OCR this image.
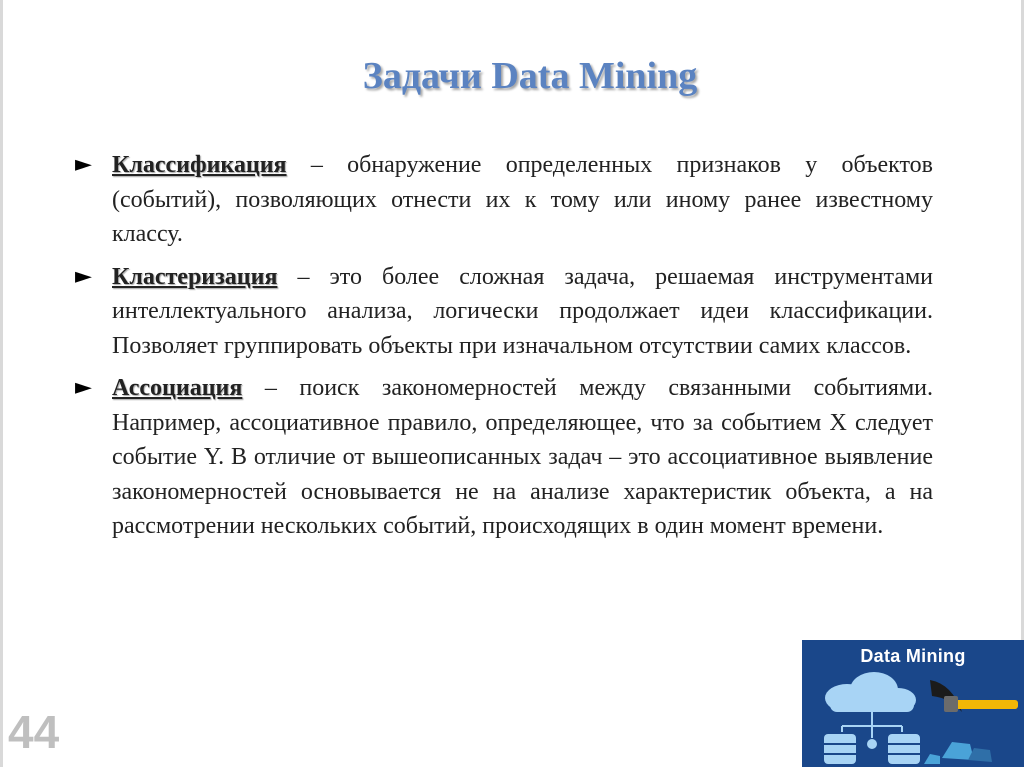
Задачи Data Mining
► Классификация – обнаружение определенных признаков у объектов (событий), позволяющих отнести их к тому или иному ранее известному классу.
► Кластеризация – это более сложная задача, решаемая инструментами интеллектуального анализа, логически продолжает идеи классификации. Позволяет группировать объекты при изначальном отсутствии самих классов.
► Ассоциация – поиск закономерностей между связанными событиями. Например, ассоциативное правило, определяющее, что за событием X следует событие Y. В отличие от вышеописанных задач – это ассоциативное выявление закономерностей основывается не на анализе характеристик объекта, а на рассмотрении нескольких событий, происходящих в один момент времени.
44
Data Mining
